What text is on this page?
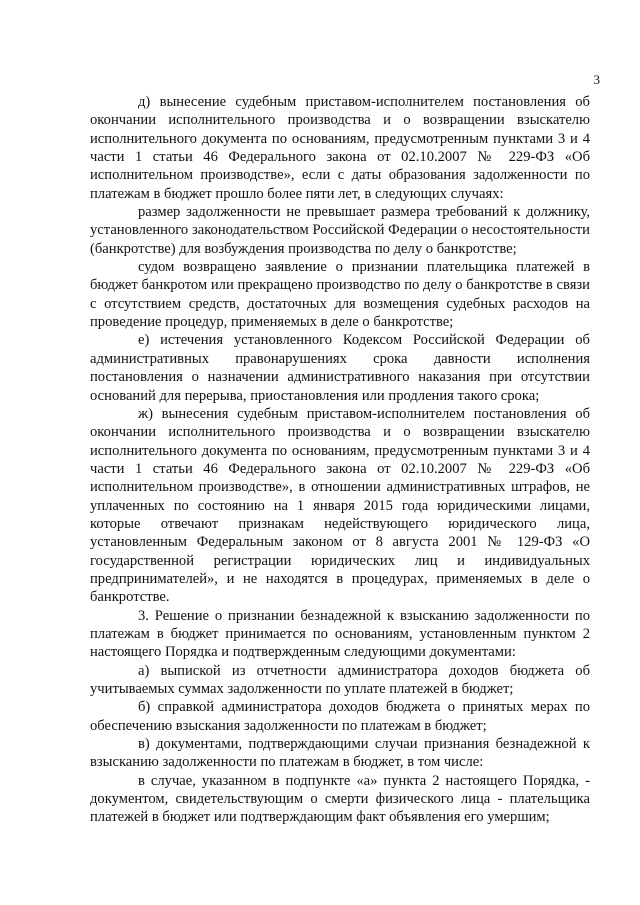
3

д) вынесение судебным приставом-исполнителем постановления об окончании исполнительного производства и о возвращении взыскателю исполнительного документа по основаниям, предусмотренным пунктами 3 и 4 части 1 статьи 46 Федерального закона от 02.10.2007 № 229-ФЗ «Об исполнительном производстве», если с даты образования задолженности по платежам в бюджет прошло более пяти лет, в следующих случаях:

размер задолженности не превышает размера требований к должнику, установленного законодательством Российской Федерации о несостоятельности (банкротстве) для возбуждения производства по делу о банкротстве;

судом возвращено заявление о признании плательщика платежей в бюджет банкротом или прекращено производство по делу о банкротстве в связи с отсутствием средств, достаточных для возмещения судебных расходов на проведение процедур, применяемых в деле о банкротстве;

е) истечения установленного Кодексом Российской Федерации об административных правонарушениях срока давности исполнения постановления о назначении административного наказания при отсутствии оснований для перерыва, приостановления или продления такого срока;

ж) вынесения судебным приставом-исполнителем постановления об окончании исполнительного производства и о возвращении взыскателю исполнительного документа по основаниям, предусмотренным пунктами 3 и 4 части 1 статьи 46 Федерального закона от 02.10.2007 № 229-ФЗ «Об исполнительном производстве», в отношении административных штрафов, не уплаченных по состоянию на 1 января 2015 года юридическими лицами, которые отвечают признакам недействующего юридического лица, установленным Федеральным законом от 8 августа 2001 № 129-ФЗ «О государственной регистрации юридических лиц и индивидуальных предпринимателей», и не находятся в процедурах, применяемых в деле о банкротстве.

3. Решение о признании безнадежной к взысканию задолженности по платежам в бюджет принимается по основаниям, установленным пунктом 2 настоящего Порядка и подтвержденным следующими документами:

а) выпиской из отчетности администратора доходов бюджета об учитываемых суммах задолженности по уплате платежей в бюджет;

б) справкой администратора доходов бюджета о принятых мерах по обеспечению взыскания задолженности по платежам в бюджет;

в) документами, подтверждающими случаи признания безнадежной к взысканию задолженности по платежам в бюджет, в том числе:

в случае, указанном в подпункте «а» пункта 2 настоящего Порядка, - документом, свидетельствующим о смерти физического лица - плательщика платежей в бюджет или подтверждающим факт объявления его умершим;
